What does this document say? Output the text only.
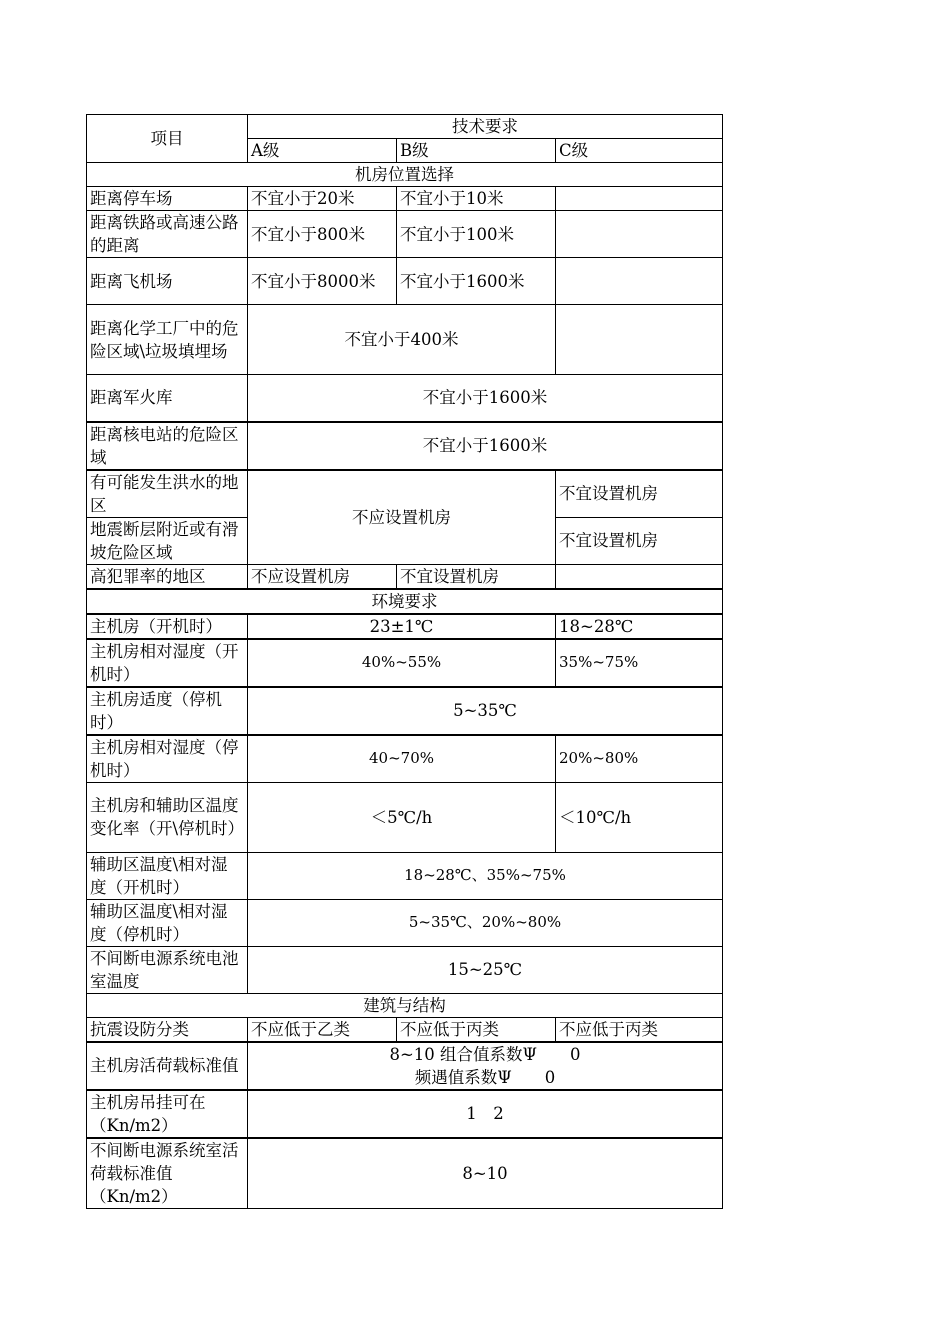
项目	技术要求		
	A级	B级	C级
机房位置选择			
距离停车场	不宜小于20米	不宜小于10米	
距离铁路或高速公路的距离	不宜小于800米	不宜小于100米	
距离飞机场	不宜小于8000米	不宜小于1600米	
距离化学工厂中的危险区域\垃圾填埋场	不宜小于400米		
距离军火库	不宜小于1600米		
距离核电站的危险区域	不宜小于1600米		
有可能发生洪水的地区	不应设置机房		不宜设置机房
地震断层附近或有滑坡危险区域			不宜设置机房
高犯罪率的地区	不应设置机房	不宜设置机房	
环境要求			
主机房（开机时）	23±1℃		18~28℃
主机房相对湿度（开机时）	40%~55%		35%~75%
主机房适度（停机时）	5~35℃		
主机房相对湿度（停机时）	40~70%		20%~80%
主机房和辅助区温度变化率（开\停机时）	＜5℃/h		＜10℃/h
辅助区温度\相对湿度（开机时）	18~28℃、35%~75%		
辅助区温度\相对湿度（停机时）	5~35℃、20%~80%		
不间断电源系统电池室温度	15~25℃		
建筑与结构			
抗震设防分类	不应低于乙类	不应低于丙类	不应低于丙类
主机房活荷载标准值	8~10 组合值系数Ψ　　0
频遇值系数Ψ　　0		

主机房吊挂可在（Kn/m2）	1　2		
不间断电源系统室活荷载标准值（Kn/m2）	8~10		
